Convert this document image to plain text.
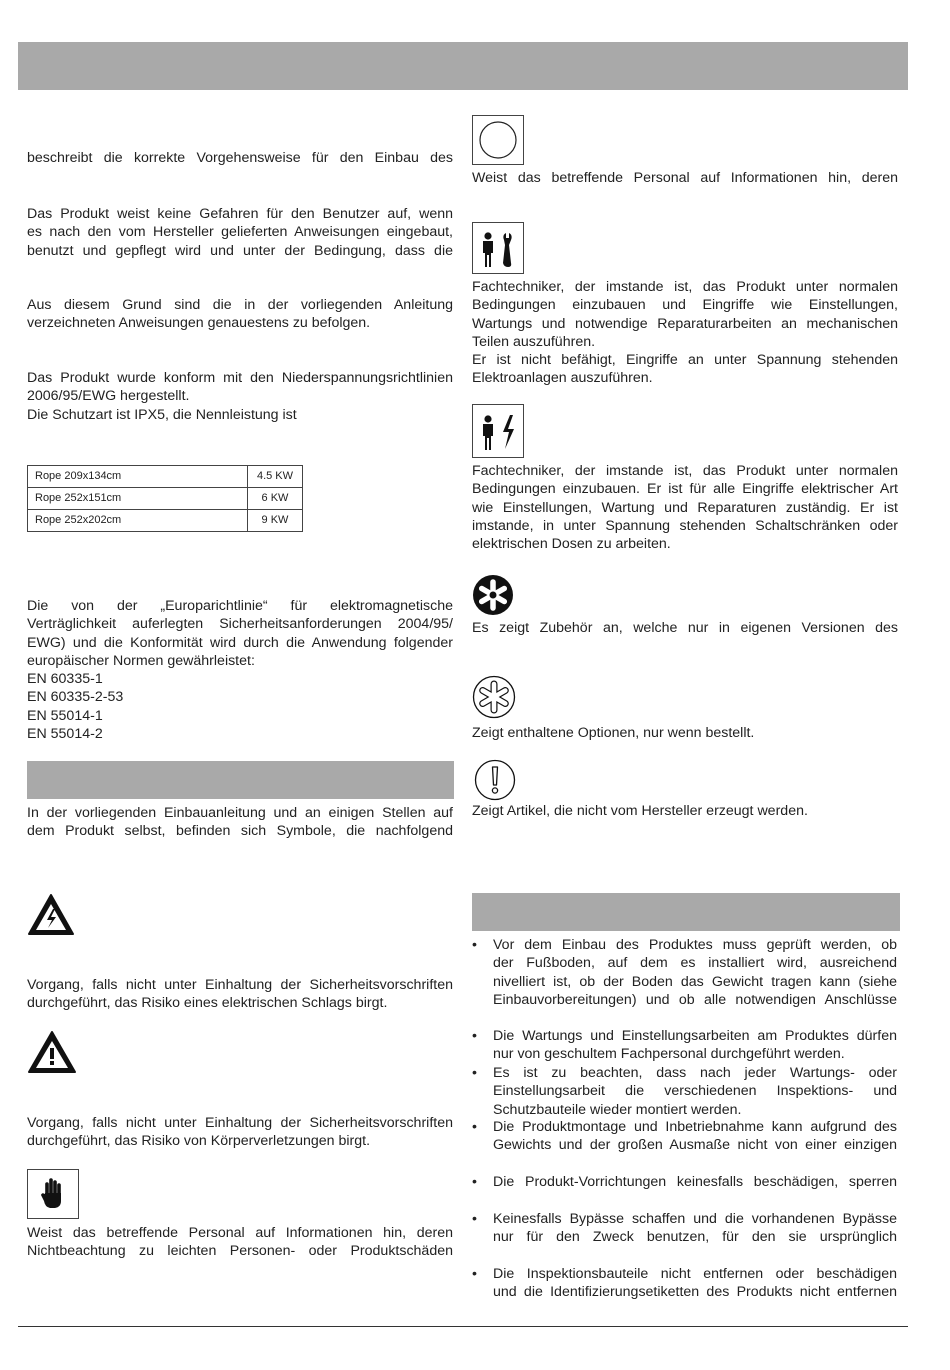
beschreibt die korrekte Vorgehensweise für den Einbau des
Das Produkt weist keine Gefahren für den Benutzer auf, wenn
es nach den vom Hersteller gelieferten Anweisungen eingebaut,
benutzt und gepflegt wird und unter der Bedingung, dass die
Aus diesem Grund sind die in der vorliegenden Anleitung
verzeichneten Anweisungen genauestens zu befolgen.
Das Produkt wurde konform mit den Niederspannungsrichtlinien
2006/95/EWG hergestellt.
Die Schutzart ist IPX5, die Nennleistung ist
Rope 209x134cm	4.5 KW
Rope 252x151cm	6 KW
Rope 252x202cm	9 KW
Die von der „Europarichtlinie“ für elektromagnetische
Verträglichkeit auferlegten Sicherheitsanforderungen 2004/95/
EWG) und die Konformität wird durch die Anwendung folgender
europäischer Normen gewährleistet:
EN 60335-1
EN 60335-2-53
EN 55014-1
EN 55014-2
In der vorliegenden Einbauanleitung und an einigen Stellen auf
dem Produkt selbst, befinden sich Symbole, die nachfolgend
Vorgang, falls nicht unter Einhaltung der Sicherheitsvorschriften
durchgeführt, das Risiko eines elektrischen Schlags birgt.
Vorgang, falls nicht unter Einhaltung der Sicherheitsvorschriften
durchgeführt, das Risiko von Körperverletzungen birgt.
Weist das betreffende Personal auf Informationen hin, deren
Nichtbeachtung zu leichten Personen- oder Produktschäden
Weist das betreffende Personal auf Informationen hin, deren
Fachtechniker, der imstande ist, das Produkt unter normalen
Bedingungen einzubauen und Eingriffe wie Einstellungen,
Wartungs und notwendige Reparaturarbeiten an mechanischen
Teilen auszuführen.
Er ist nicht befähigt, Eingriffe an unter Spannung stehenden
Elektroanlagen auszuführen.
Fachtechniker, der imstande ist, das Produkt unter normalen
Bedingungen einzubauen. Er ist für alle Eingriffe elektrischer Art
wie Einstellungen, Wartung und Reparaturen zuständig. Er ist
imstande, in unter Spannung stehenden Schaltschränken oder
elektrischen Dosen zu arbeiten.
Es zeigt Zubehör an, welche nur in eigenen Versionen des
Zeigt enthaltene Optionen, nur wenn bestellt.
Zeigt Artikel, die nicht vom Hersteller erzeugt werden.
• Vor dem Einbau des Produktes muss geprüft werden, ob
der Fußboden, auf dem es installiert wird, ausreichend
nivelliert ist, ob der Boden das Gewicht tragen kann (siehe
Einbauvorbereitungen) und ob alle notwendigen Anschlüsse
• Die Wartungs und Einstellungsarbeiten am Produktes dürfen
nur von geschultem Fachpersonal durchgeführt werden.
• Es ist zu beachten, dass nach jeder Wartungs- oder
Einstellungsarbeit die verschiedenen Inspektions- und
Schutzbauteile wieder montiert werden.
• Die Produktmontage und Inbetriebnahme kann aufgrund des
Gewichts und der großen Ausmaße nicht von einer einzigen
• Die Produkt-Vorrichtungen keinesfalls beschädigen, sperren
• Keinesfalls Bypässe schaffen und die vorhandenen Bypässe
nur für den Zweck benutzen, für den sie ursprünglich
• Die Inspektionsbauteile nicht entfernen oder beschädigen
und die Identifizierungsetiketten des Produkts nicht entfernen
